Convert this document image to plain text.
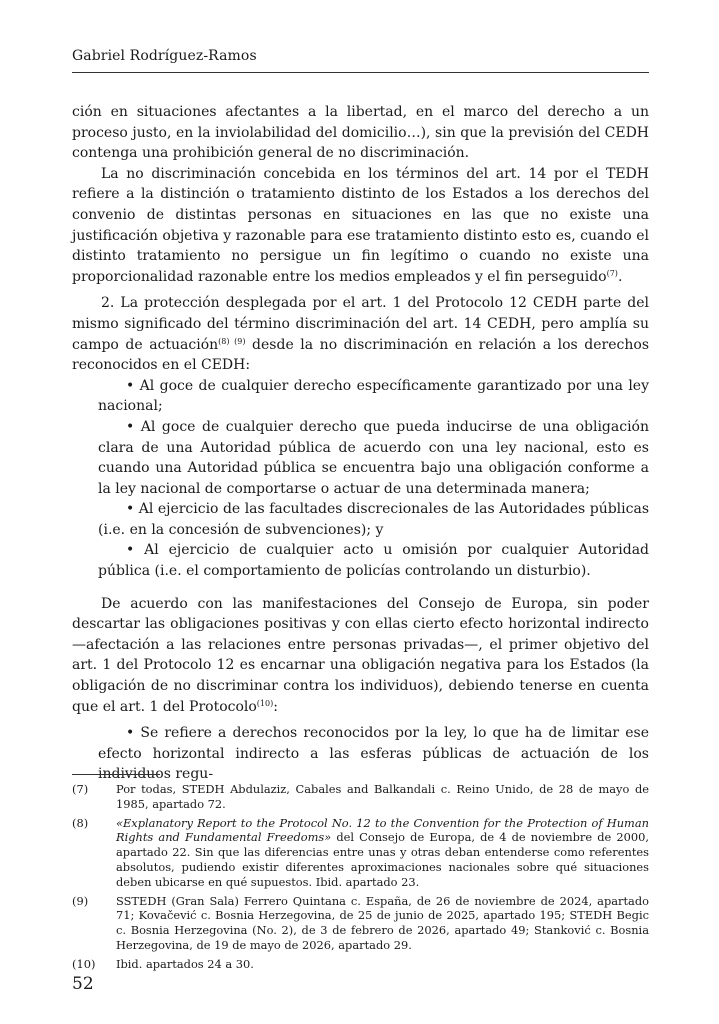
Gabriel Rodríguez-Ramos

ción en situaciones afectantes a la libertad, en el marco del derecho a un proceso justo, en la inviolabilidad del domicilio…), sin que la previsión del CEDH contenga una prohibición general de no discriminación.

La no discriminación concebida en los términos del art. 14 por el TEDH refiere a la distinción o tratamiento distinto de los Estados a los derechos del convenio de distintas personas en situaciones en las que no existe una justificación objetiva y razonable para ese tratamiento distinto esto es, cuando el distinto tratamiento no persigue un fin legítimo o cuando no existe una proporcionalidad razonable entre los medios empleados y el fin perseguido$^{(7)}$.

2. La protección desplegada por el art. 1 del Protocolo 12 CEDH parte del mismo significado del término discriminación del art. 14 CEDH, pero amplía su campo de actuación$^{(8) (9)}$ desde la no discriminación en relación a los derechos reconocidos en el CEDH:

• Al goce de cualquier derecho específicamente garantizado por una ley nacional;

• Al goce de cualquier derecho que pueda inducirse de una obligación clara de una Autoridad pública de acuerdo con una ley nacional, esto es cuando una Autoridad pública se encuentra bajo una obligación conforme a la ley nacional de comportarse o actuar de una determinada manera;

• Al ejercicio de las facultades discrecionales de las Autoridades públicas (i.e. en la concesión de subvenciones); y

• Al ejercicio de cualquier acto u omisión por cualquier Autoridad pública (i.e. el comportamiento de policías controlando un disturbio).

De acuerdo con las manifestaciones del Consejo de Europa, sin poder descartar las obligaciones positivas y con ellas cierto efecto horizontal indirecto —afectación a las relaciones entre personas privadas—, el primer objetivo del art. 1 del Protocolo 12 es encarnar una obligación negativa para los Estados (la obligación de no discriminar contra los individuos), debiendo tenerse en cuenta que el art. 1 del Protocolo$^{(10)}$:

• Se refiere a derechos reconocidos por la ley, lo que ha de limitar ese efecto horizontal indirecto a las esferas públicas de actuación de los individuos regu-

(7)	Por todas, STEDH Abdulaziz, Cabales and Balkandali c. Reino Unido, de 28 de mayo de 1985, apartado 72.
(8)	«Explanatory Report to the Protocol No. 12 to the Convention for the Protection of Human Rights and Fundamental Freedoms» del Consejo de Europa, de 4 de noviembre de 2000, apartado 22. Sin que las diferencias entre unas y otras deban entenderse como referentes absolutos, pudiendo existir diferentes aproximaciones nacionales sobre qué situaciones deben ubicarse en qué supuestos. Ibid. apartado 23.
(9)	SSTEDH (Gran Sala) Ferrero Quintana c. España, de 26 de noviembre de 2024, apartado 71; Kovačević c. Bosnia Herzegovina, de 25 de junio de 2025, apartado 195; STEDH Begic c. Bosnia Herzegovina (No. 2), de 3 de febrero de 2026, apartado 49; Stanković c. Bosnia Herzegovina, de 19 de mayo de 2026, apartado 29.
(10)	Ibid. apartados 24 a 30.
52
